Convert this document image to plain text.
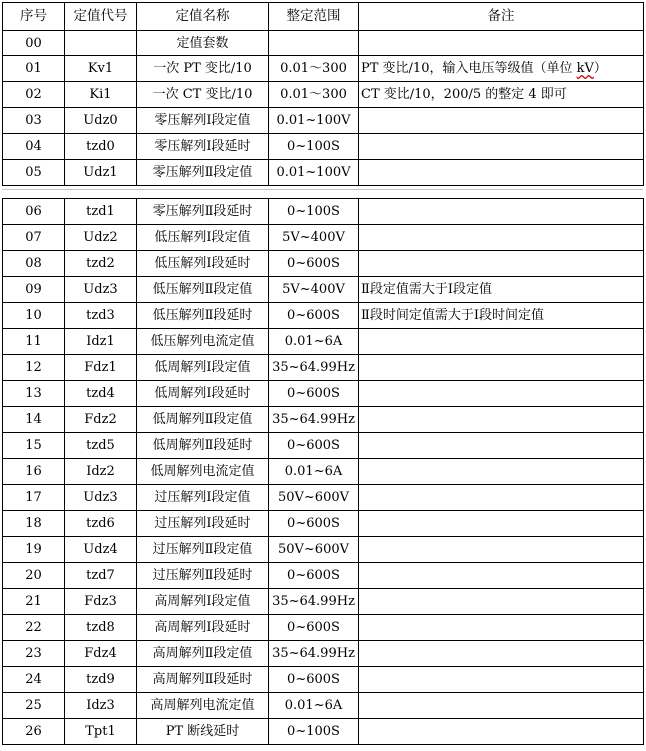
序号	定值代号	定值名称	整定范围	备注
00		定值套数		
01	Kv1	一次 PT 变比/10	0.01～300	PT 变比/10，输入电压等级值（单位 kV）
02	Ki1	一次 CT 变比/10	0.01～300	CT 变比/10，200/5 的整定 4 即可
03	Udz0	零压解列Ⅰ段定值	0.01~100V	
04	tzd0	零压解列Ⅰ段延时	0~100S	
05	Udz1	零压解列Ⅱ段定值	0.01~100V	
06	tzd1	零压解列Ⅱ段延时	0~100S	
07	Udz2	低压解列Ⅰ段定值	5V~400V	
08	tzd2	低压解列Ⅰ段延时	0~600S	
09	Udz3	低压解列Ⅱ段定值	5V~400V	Ⅱ段定值需大于Ⅰ段定值
10	tzd3	低压解列Ⅱ段延时	0~600S	Ⅱ段时间定值需大于Ⅰ段时间定值
11	Idz1	低压解列电流定值	0.01~6A	
12	Fdz1	低周解列Ⅰ段定值	35~64.99Hz	
13	tzd4	低周解列Ⅰ段延时	0~600S	
14	Fdz2	低周解列Ⅱ段定值	35~64.99Hz	
15	tzd5	低周解列Ⅱ段延时	0~600S	
16	Idz2	低周解列电流定值	0.01~6A	
17	Udz3	过压解列Ⅰ段定值	50V~600V	
18	tzd6	过压解列Ⅰ段延时	0~600S	
19	Udz4	过压解列Ⅱ段定值	50V~600V	
20	tzd7	过压解列Ⅱ段延时	0~600S	
21	Fdz3	高周解列Ⅰ段定值	35~64.99Hz	
22	tzd8	高周解列Ⅰ段延时	0~600S	
23	Fdz4	高周解列Ⅱ段定值	35~64.99Hz	
24	tzd9	高周解列Ⅱ段延时	0~600S	
25	Idz3	高周解列电流定值	0.01~6A	
26	Tpt1	PT 断线延时	0~100S	
